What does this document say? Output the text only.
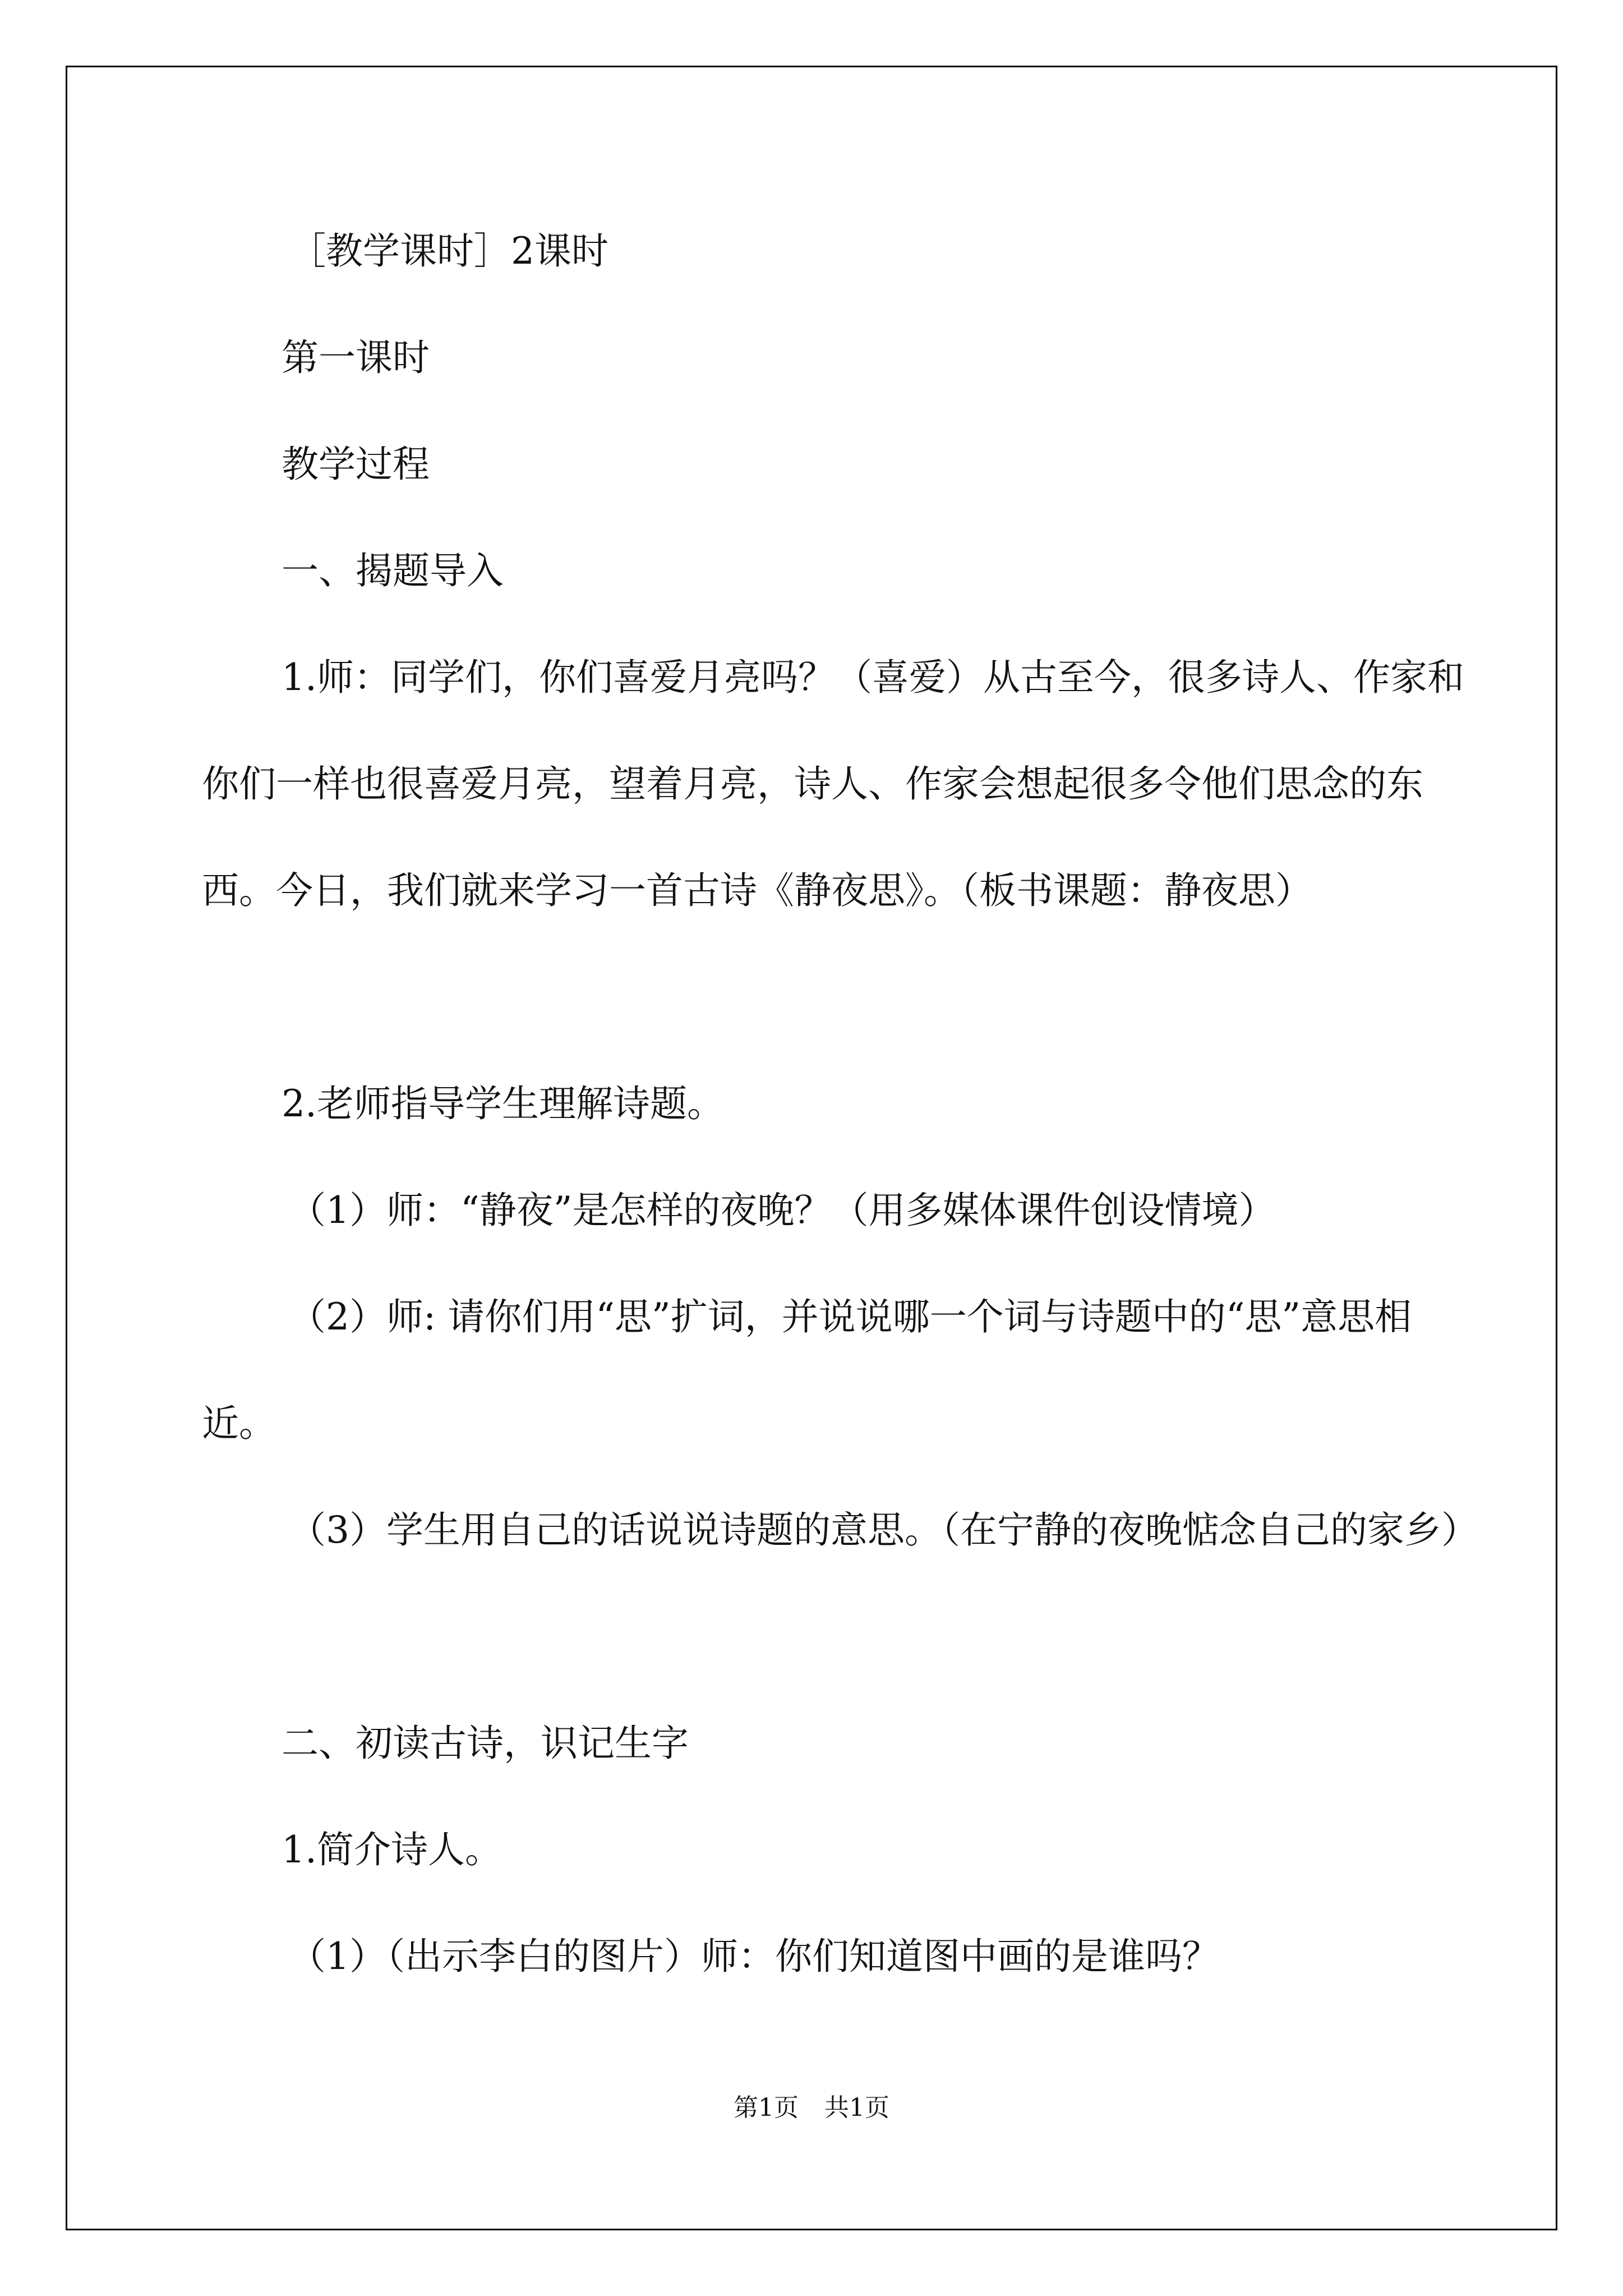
［教学课时］2课时

第一课时

教学过程

一、揭题导入

1.师：同学们，你们喜爱月亮吗？（喜爱）从古至今，很多诗人、作家和你们一样也很喜爱月亮，望着月亮，诗人、作家会想起很多令他们思念的东西。今日，我们就来学习一首古诗《静夜思》。（板书课题：静夜思）

2.老师指导学生理解诗题。

（1）师：“静夜”是怎样的夜晚？（用多媒体课件创设情境）

（2）师: 请你们用“思”扩词，并说说哪一个词与诗题中的“思”意思相近。

（3）学生用自己的话说说诗题的意思。（在宁静的夜晚惦念自己的家乡）

二、初读古诗，识记生字

1.简介诗人。

（1）（出示李白的图片）师：你们知道图中画的是谁吗？

第1页 共1页
